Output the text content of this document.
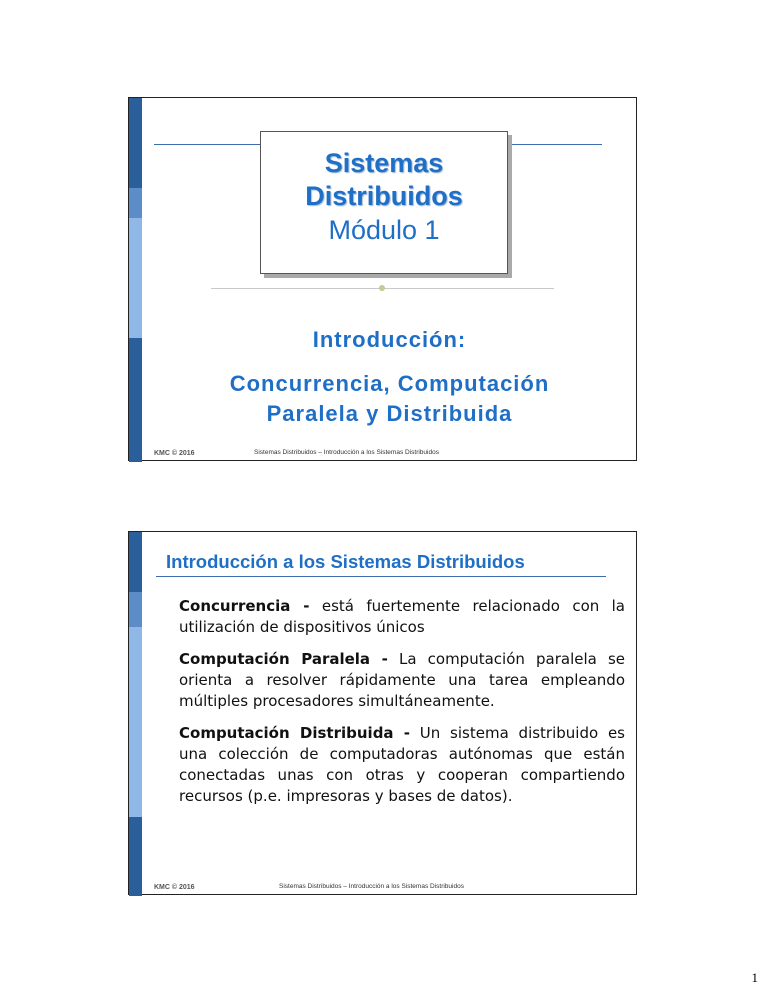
Sistemas
Distribuidos
Módulo 1
Introducción:
Concurrencia, Computación
Paralela y Distribuida
KMC © 2016	Sistemas Distribuidos – Introducción a los Sistemas Distribuidos
Introducción a los Sistemas Distribuidos

Concurrencia - está fuertemente relacionado con la utilización de dispositivos únicos

Computación Paralela - La computación paralela se orienta a resolver rápidamente una tarea empleando múltiples procesadores simultáneamente.

Computación Distribuida - Un sistema distribuido es una colección de computadoras autónomas que están conectadas unas con otras y cooperan compartiendo recursos (p.e. impresoras y bases de datos).

KMC © 2016	Sistemas Distribuidos – Introducción a los Sistemas Distribuidos
1
